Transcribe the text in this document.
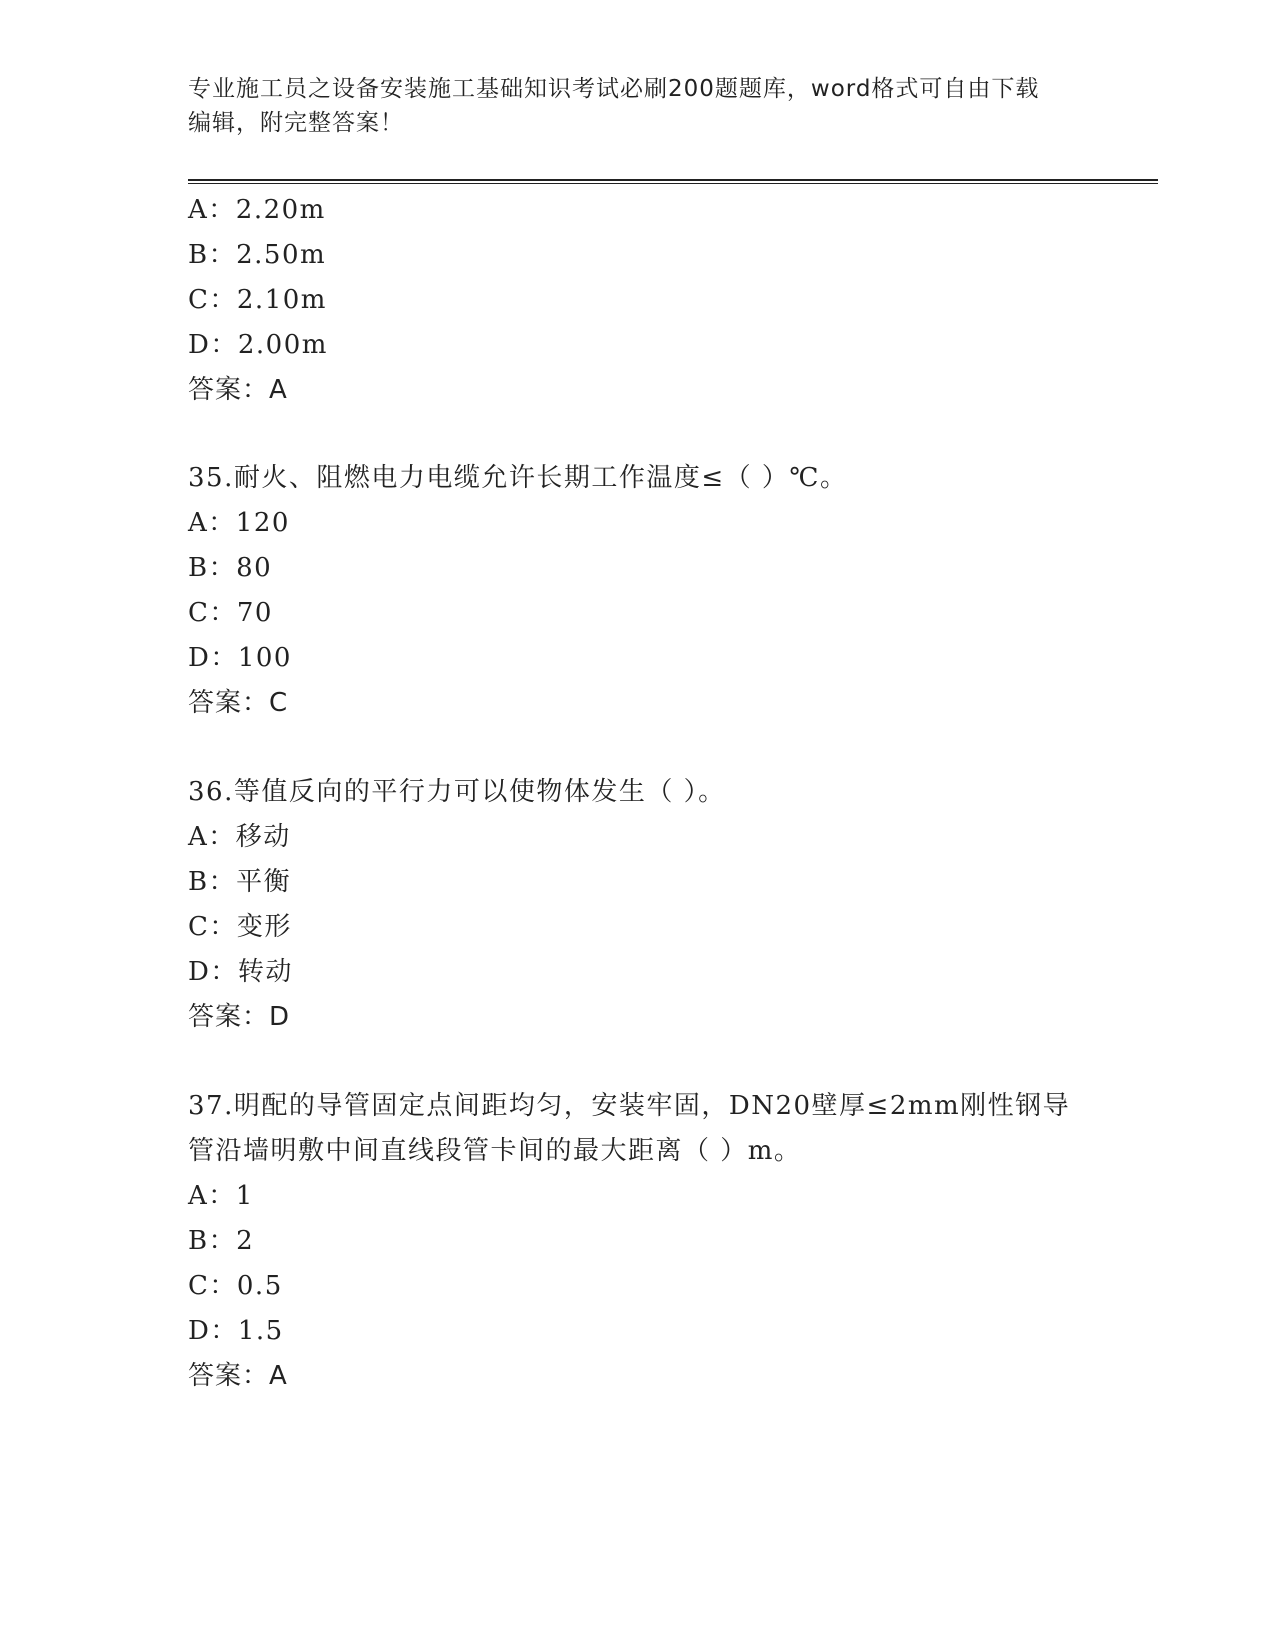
专业施工员之设备安装施工基础知识考试必刷200题题库，word格式可自由下载
编辑，附完整答案！
A：2.20m
B：2.50m
C：2.10m
D：2.00m
答案：A
35.耐火、阻燃电力电缆允许长期工作温度≤（ ）℃。
A：120
B：80
C：70
D：100
答案：C
36.等值反向的平行力可以使物体发生（ ）。
A：移动
B：平衡
C：变形
D：转动
答案：D
37.明配的导管固定点间距均匀，安装牢固，DN20壁厚≤2mm刚性钢导
管沿墙明敷中间直线段管卡间的最大距离（ ）m。
A：1
B：2
C：0.5
D：1.5
答案：A
